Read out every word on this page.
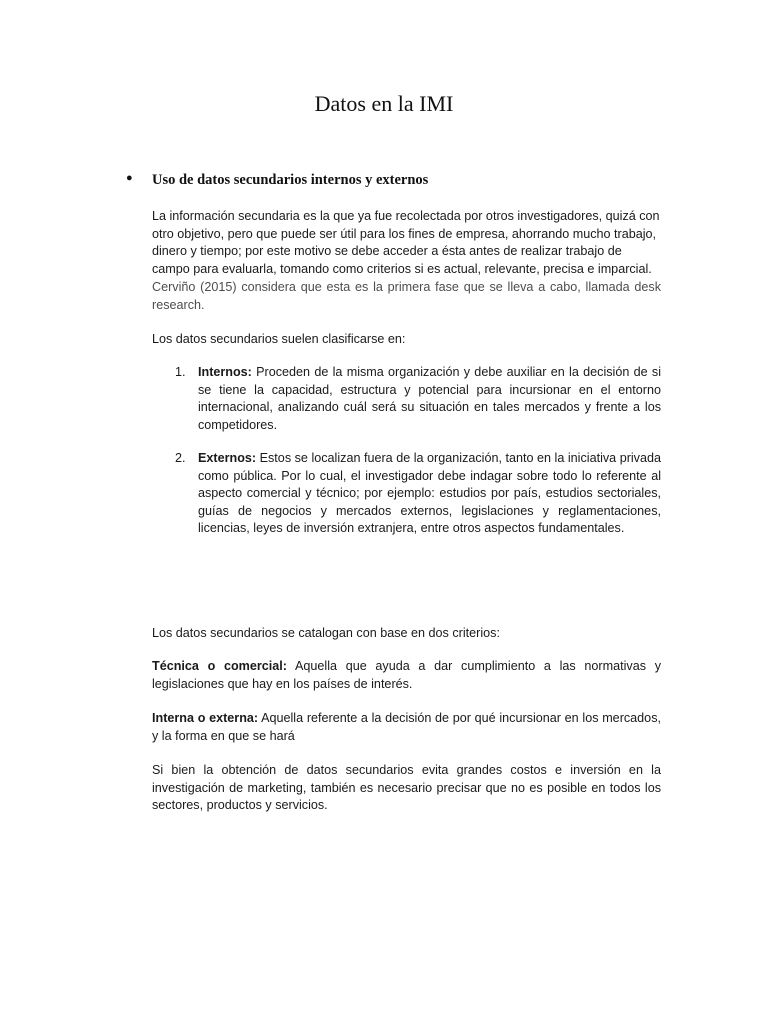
Datos en la IMI
● Uso de datos secundarios internos y externos

La información secundaria es la que ya fue recolectada por otros investigadores, quizá con otro objetivo, pero que puede ser útil para los fines de empresa, ahorrando mucho trabajo, dinero y tiempo; por este motivo se debe acceder a ésta antes de realizar trabajo de campo para evaluarla, tomando como criterios si es actual, relevante, precisa e imparcial.

Cerviño (2015) considera que esta es la primera fase que se lleva a cabo, llamada desk research.

Los datos secundarios suelen clasificarse en:

1. Internos: Proceden de la misma organización y debe auxiliar en la decisión de si se tiene la capacidad, estructura y potencial para incursionar en el entorno internacional, analizando cuál será su situación en tales mercados y frente a los competidores.

2. Externos: Estos se localizan fuera de la organización, tanto en la iniciativa privada como pública. Por lo cual, el investigador debe indagar sobre todo lo referente al aspecto comercial y técnico; por ejemplo: estudios por país, estudios sectoriales, guías de negocios y mercados externos, legislaciones y reglamentaciones, licencias, leyes de inversión extranjera, entre otros aspectos fundamentales.

Los datos secundarios se catalogan con base en dos criterios:

Técnica o comercial: Aquella que ayuda a dar cumplimiento a las normativas y legislaciones que hay en los países de interés.

Interna o externa: Aquella referente a la decisión de por qué incursionar en los mercados, y la forma en que se hará

Si bien la obtención de datos secundarios evita grandes costos e inversión en la investigación de marketing, también es necesario precisar que no es posible en todos los sectores, productos y servicios.
